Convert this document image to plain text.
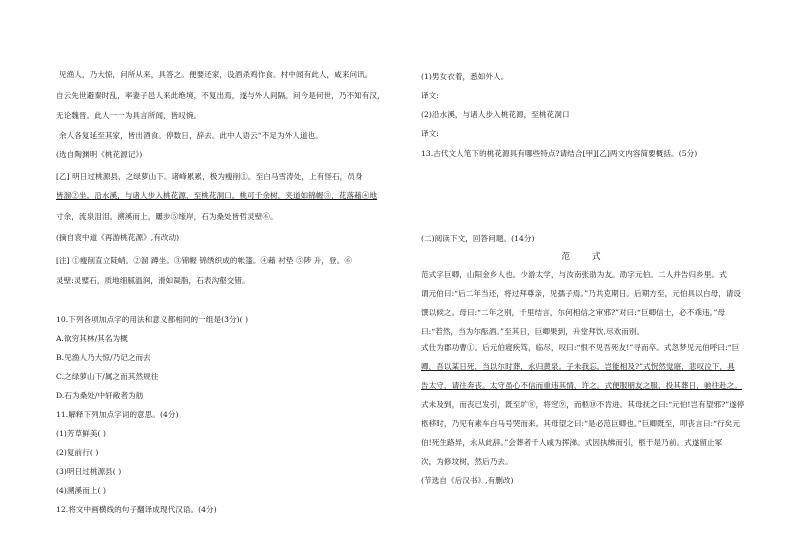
见渔人，乃大惊，问所从来，具答之。便要还家，设酒杀鸡作食。村中闻有此人，咸来问讯。
自云先世避秦时乱，率妻子邑人来此绝境，不复出焉，遂与外人间隔。问今是何世，乃不知有汉，
无论魏晋。此人一一为具言所闻，皆叹惋。
余人各复延至其家，皆出酒食。停数日，辞去。此中人语云“不足为外人道也。
(选自陶渊明《桃花源记》)
[乙] 明日过桃源县，之绿萝山下。诸峰累累，极为瘦削①。至白马雪涛处，上有怪石，员身
皆溜②坐。沿水溪，与诸人步入桃花源，至桃花洞口。桃可千余树，夹道如锦幄③，花落藉④地
寸余，流泉泪泪。溯溪而上，屢步⑤缘岸，石为桑处皆哲灵壁⑥。
(摘自袁中道《再游桃花源》,有改动)
[注] ①瘦削直立陡峭。②溜 蹲坐。③锦幄 锦绣织成的帐篷。④藉 衬垫 ⑤陟 升，登。⑥
灵壁:灵璧石，质地细腻温润，滑如凝脂，石表沟壑交错。
10.下列各项加点字的用法和意义都相同的一组是(3分)( )
A.欲穷其林/其名为概
B.见渔人乃大惊/乃记之而去
C.之绿萝山下/属之而其然规往
D.石为桑处/中轩敞者为舫
11.解释下列加点字词的意思。(4分)
(1)芳草鲜美( )
(2)复前行( )
(3)明日过桃源县( )
(4)溯溪而上( )
12.将文中画横线的句子翻译成现代汉语。(4分)
(1)男女衣着，悉如外人。
译文:
(2)沿水溪，与诸人步入桃花源，至桃花洞口
译文:
13.古代文人笔下的桃花源具有哪些特点?请结合[甲][乙]两文内容简要概括。(5分)
(二)阅读下文，回答问题。(14分)
范式
范式字巨卿，山阳金乡人也。少游太学，与汝南张劭为友。劭字元伯。二人并告归乡里。式
谓元伯曰:“后二年当还，将过拜尊亲，见孺子焉。”乃共克期日。后期方至，元伯具以白母，请设
馔以候之。母曰:“二年之别，千里结言，尔何相信之审邪?”对曰:“巨卿信士，必不乖违。”母
曰:“若然，当为尔酝酒。”至其日，巨卿果到，升堂拜饮,尽欢而别。
式仕为郡功曹①。后元伯寝疾笃，临尽，叹曰:“恨不见吾死友!”寻而卒。式忽梦见元伯呼曰:“巨
卿，吾以某日死，当以尔时葬，永归黄泉。子未我忘，岂能相及?”式怳然觉寤，悲叹泣下，具
告太守，请往奔丧。太守虽心不信而重违其情，许之。式便服朋友之服，投其葬日，驰往赴之。
式未及到，而丧已发引，既至圹⑧，将窆⑨，而柩⑩不肯进。其母抚之曰:“元伯!岂有望邪?”遂停
柩移时，乃见有素车白马号哭而来。其母望之曰:“是必范巨卿也。”巨卿既至，叩丧言曰:“行矣元
伯!死生路异，永从此辞。”会葬者千人咸为挥涕。式因执绋而引，柩于是乃前。式遂留止冢
次，为修坟树，然后乃去。
(节选自《后汉书》,有删改)
